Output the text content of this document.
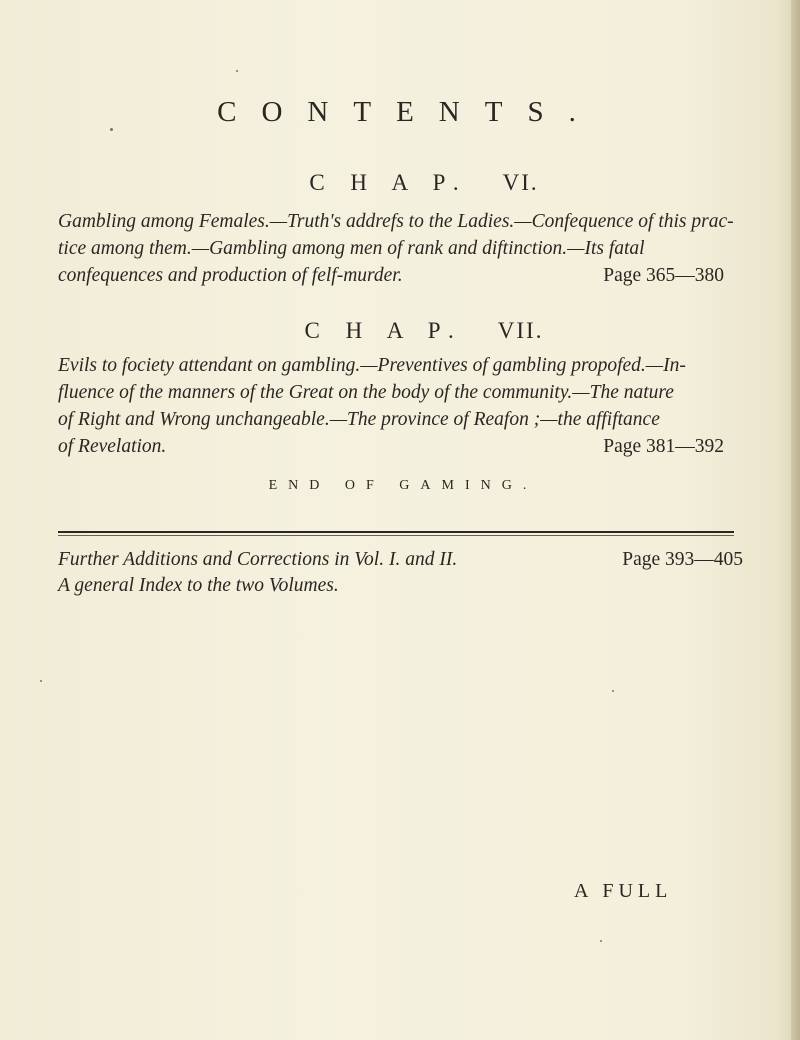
CONTENTS.
C H A P. VI.
Gambling among Females.—Truth's addrefs to the Ladies.—Confequence of this prac-
tice among them.—Gambling among men of rank and diftinction.—Its fatal
confequences and production of felf-murder.	Page 365—380
C H A P. VII.
Evils to fociety attendant on gambling.—Preventives of gambling propofed.—In-
fluence of the manners of the Great on the body of the community.—The nature
of Right and Wrong unchangeable.—The province of Reafon ;—the affiftance
of Revelation.	Page 381—392
END OF GAMING.
Further Additions and Corrections in Vol. I. and II.
A general Index to the two Volumes.
Page 393—405
A FULL
